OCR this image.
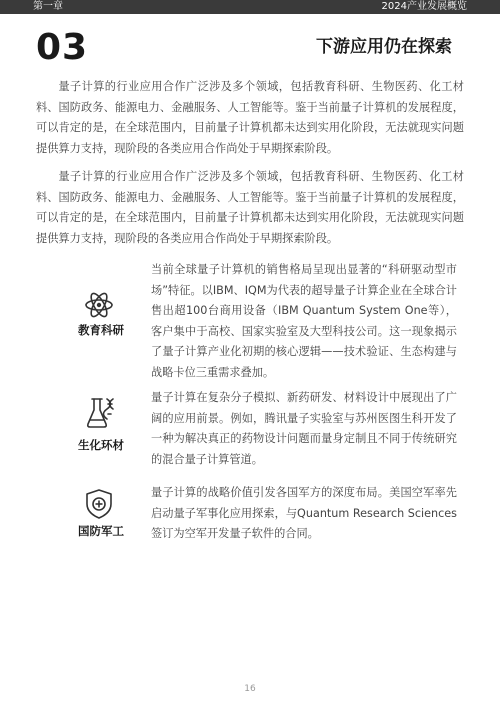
第一章	2024产业发展概览
03	下游应用仍在探索

量子计算的行业应用合作广泛涉及多个领域，包括教育科研、生物医药、化工材料、国防政务、能源电力、金融服务、人工智能等。鉴于当前量子计算机的发展程度，可以肯定的是，在全球范围内，目前量子计算机都未达到实用化阶段，无法就现实问题提供算力支持，现阶段的各类应用合作尚处于早期探索阶段。

量子计算的行业应用合作广泛涉及多个领域，包括教育科研、生物医药、化工材料、国防政务、能源电力、金融服务、人工智能等。鉴于当前量子计算机的发展程度，可以肯定的是，在全球范围内，目前量子计算机都未达到实用化阶段，无法就现实问题提供算力支持，现阶段的各类应用合作尚处于早期探索阶段。

教育科研
当前全球量子计算机的销售格局呈现出显著的“科研驱动型市场”特征。以IBM、IQM为代表的超导量子计算企业在全球合计售出超100台商用设备（IBM Quantum System One等），客户集中于高校、国家实验室及大型科技公司。这一现象揭示了量子计算产业化初期的核心逻辑——技术验证、生态构建与战略卡位三重需求叠加。
生化环材
量子计算在复杂分子模拟、新药研发、材料设计中展现出了广阔的应用前景。例如，腾讯量子实验室与苏州医图生科开发了一种为解决真正的药物设计问题而量身定制且不同于传统研究的混合量子计算管道。
国防军工
量子计算的战略价值引发各国军方的深度布局。美国空军率先启动量子军事化应用探索，与Quantum Research Sciences签订为空军开发量子软件的合同。
16
